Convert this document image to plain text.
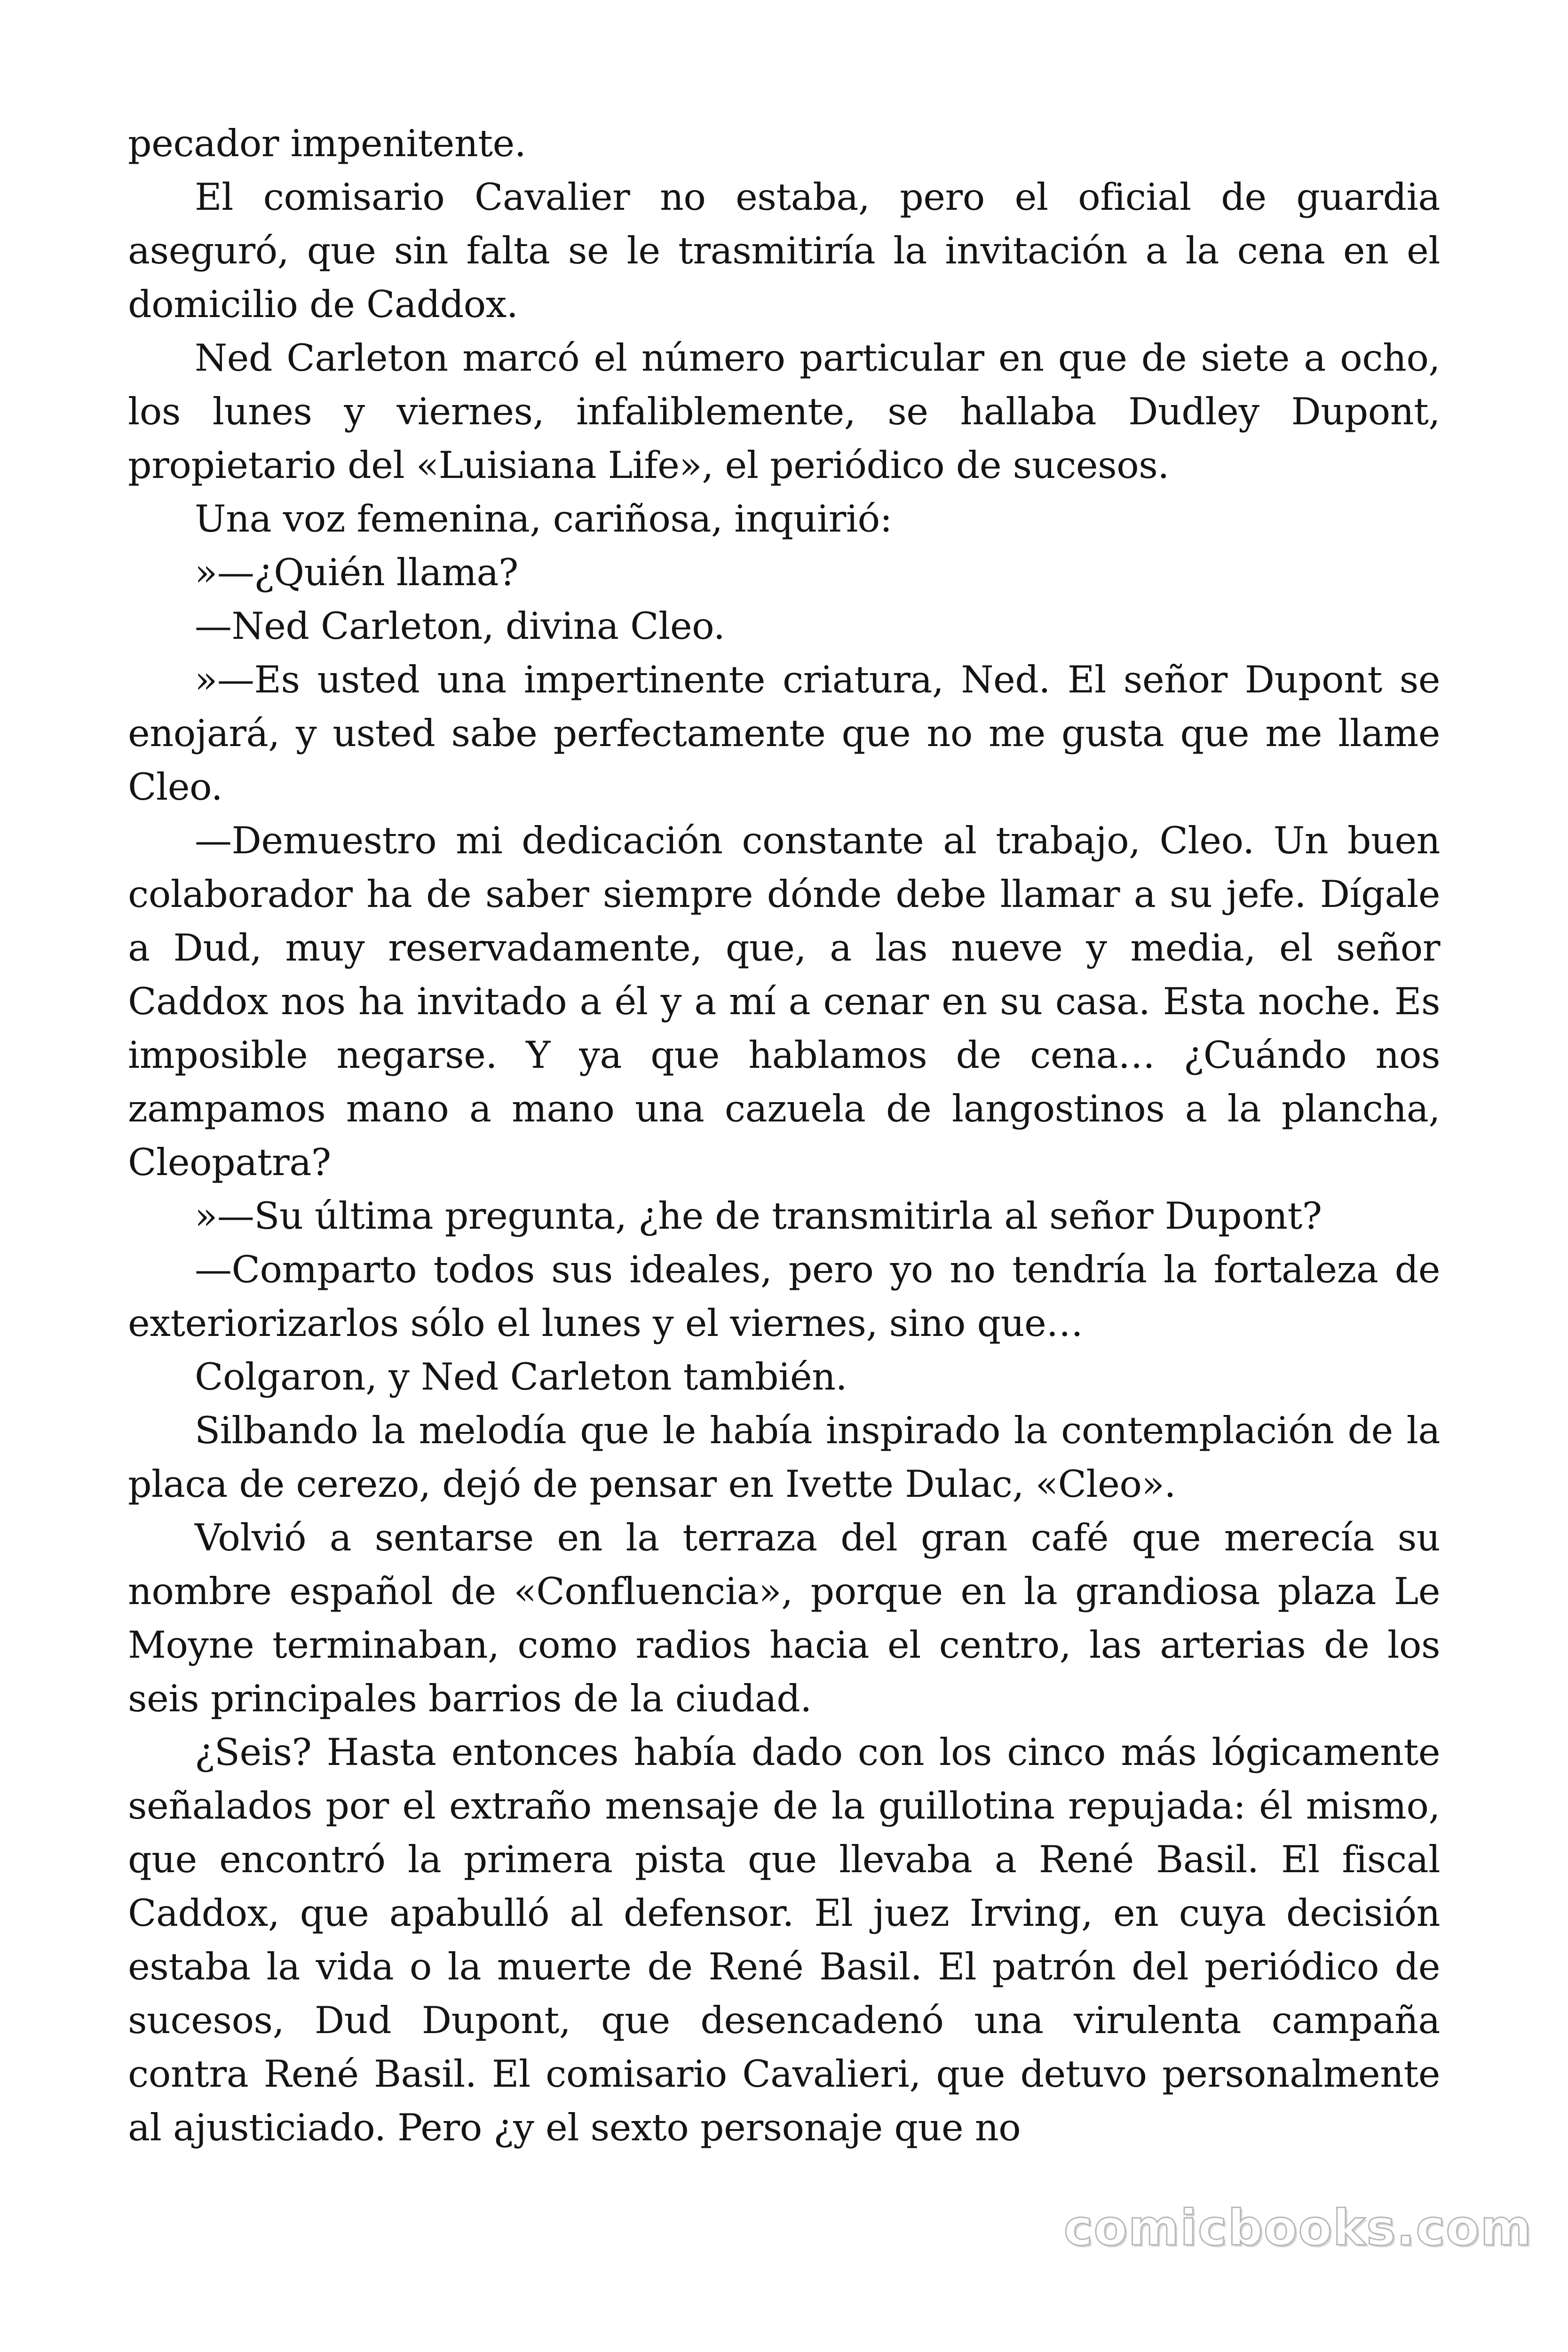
pecador impenitente.

El comisario Cavalier no estaba, pero el oficial de guardia aseguró, que sin falta se le trasmitiría la invitación a la cena en el domicilio de Caddox.

Ned Carleton marcó el número particular en que de siete a ocho, los lunes y viernes, infaliblemente, se hallaba Dudley Dupont, propietario del «Luisiana Life», el periódico de sucesos.

Una voz femenina, cariñosa, inquirió:

»—¿Quién llama?

—Ned Carleton, divina Cleo.

»—Es usted una impertinente criatura, Ned. El señor Dupont se enojará, y usted sabe perfectamente que no me gusta que me llame Cleo.

—Demuestro mi dedicación constante al trabajo, Cleo. Un buen colaborador ha de saber siempre dónde debe llamar a su jefe. Dígale a Dud, muy reservadamente, que, a las nueve y media, el señor Caddox nos ha invitado a él y a mí a cenar en su casa. Esta noche. Es imposible negarse. Y ya que hablamos de cena… ¿Cuándo nos zampamos mano a mano una cazuela de langostinos a la plancha, Cleopatra?

»—Su última pregunta, ¿he de transmitirla al señor Dupont?

—Comparto todos sus ideales, pero yo no tendría la fortaleza de exteriorizarlos sólo el lunes y el viernes, sino que…

Colgaron, y Ned Carleton también.

Silbando la melodía que le había inspirado la contemplación de la placa de cerezo, dejó de pensar en Ivette Dulac, «Cleo».

Volvió a sentarse en la terraza del gran café que merecía su nombre español de «Confluencia», porque en la grandiosa plaza Le Moyne terminaban, como radios hacia el centro, las arterias de los seis principales barrios de la ciudad.

¿Seis? Hasta entonces había dado con los cinco más lógicamente señalados por el extraño mensaje de la guillotina repujada: él mismo, que encontró la primera pista que llevaba a René Basil. El fiscal Caddox, que apabulló al defensor. El juez Irving, en cuya decisión estaba la vida o la muerte de René Basil. El patrón del periódico de sucesos, Dud Dupont, que desencadenó una virulenta campaña contra René Basil. El comisario Cavalieri, que detuvo personalmente al ajusticiado. Pero ¿y el sexto personaje que no

comicbooks.com
